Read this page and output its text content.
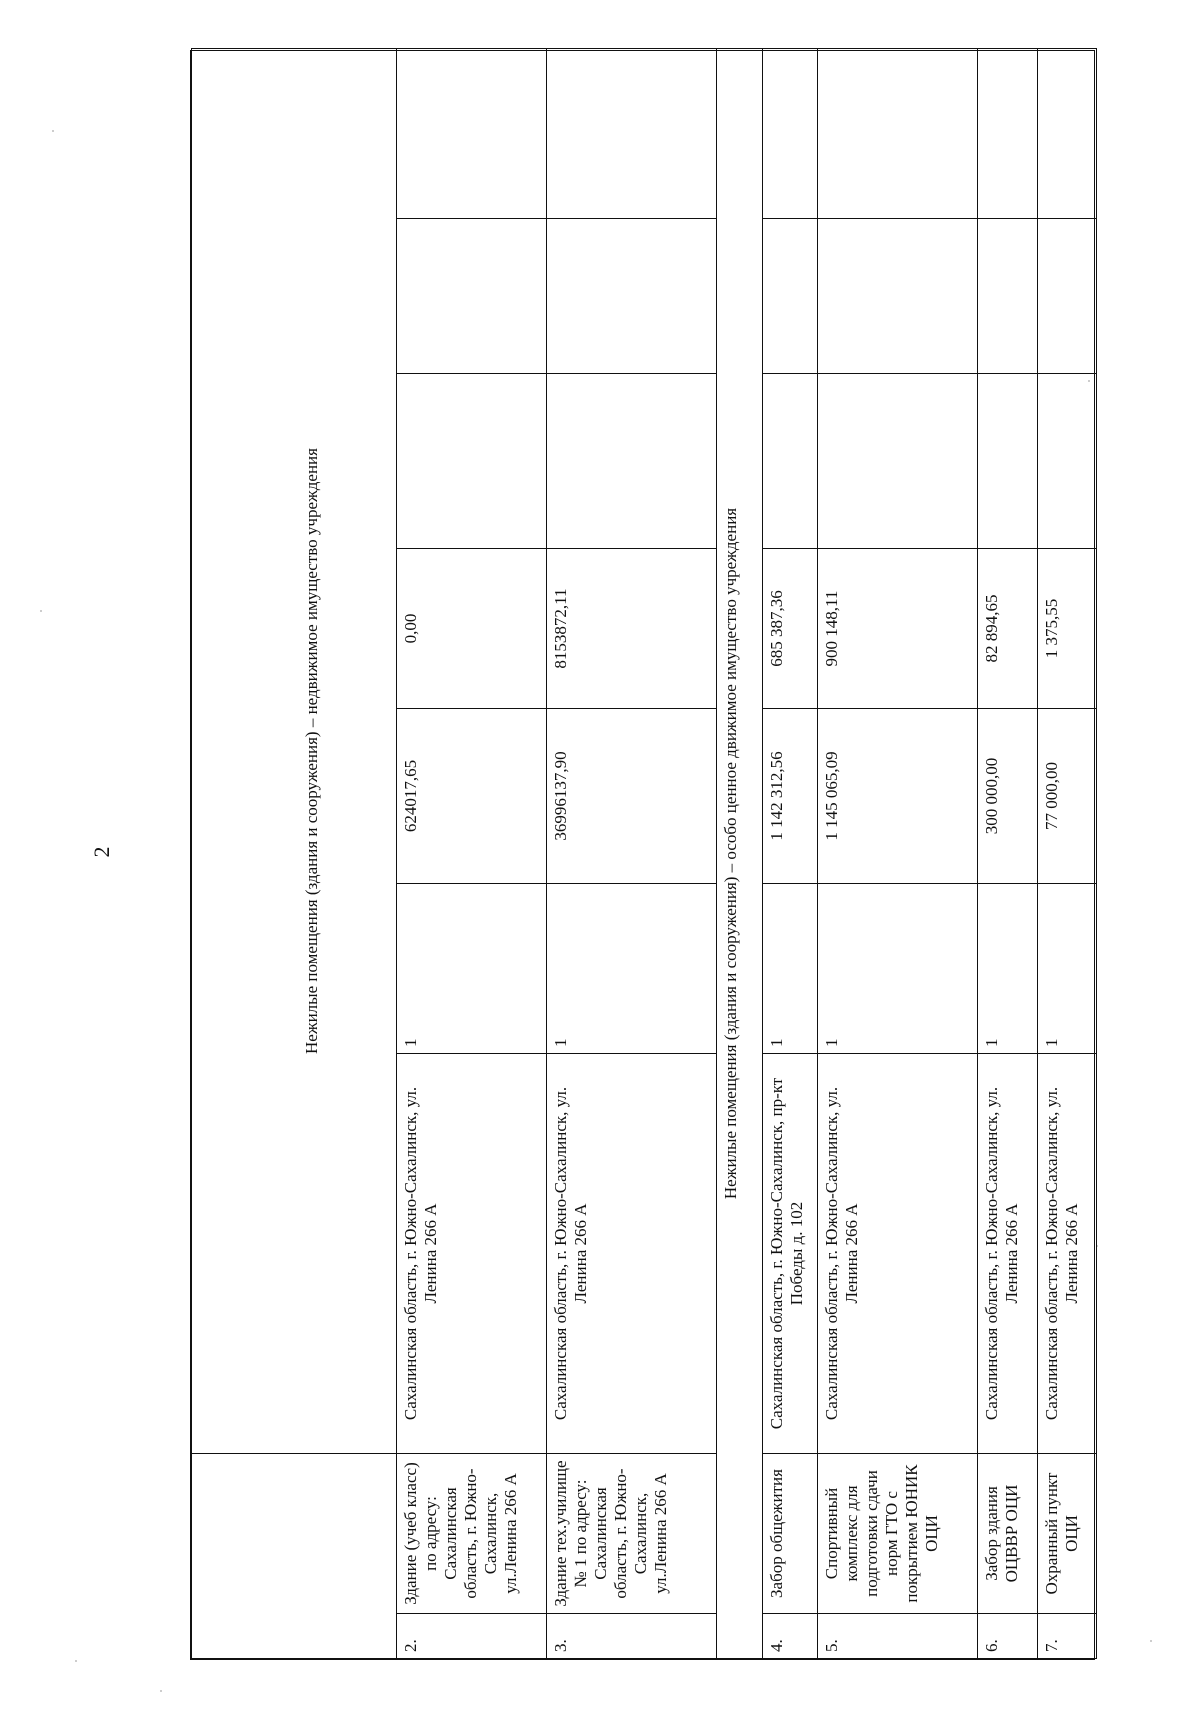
2
		Нежилые помещения (здания и сооружения) – недвижимое имущество учреждения						
2.	Здание (учеб класс) по адресу: Сахалинская область, г. Южно-Сахалинск, ул.Ленина 266 А	Сахалинская область, г. Южно-Сахалинск, ул. Ленина 266 А	1	624017,65	0,00			
3.	Здание тех.училище № 1 по адресу: Сахалинская область, г. Южно-Сахалинск, ул.Ленина 266 А	Сахалинская область, г. Южно-Сахалинск, ул. Ленина 266 А	1	36996137,90	8153872,11			
Нежилые помещения (здания и сооружения) – особо ценное движимое имущество учреждения								
4.	Забор общежития	Сахалинская область, г. Южно-Сахалинск, пр-кт Победы д. 102	1	1 142 312,56	685 387,36			
5.	Спортивный комплекс для подготовки сдачи норм ГТО с покрытием ЮНИК ОЦИ	Сахалинская область, г. Южно-Сахалинск, ул. Ленина 266 А	1	1 145 065,09	900 148,11			
6.	Забор здания ОЦВВР ОЦИ	Сахалинская область, г. Южно-Сахалинск, ул. Ленина 266 А	1	300 000,00	82 894,65			
7.	Охранный пункт ОЦИ	Сахалинская область, г. Южно-Сахалинск, ул. Ленина 266 А	1	77 000,00	1 375,55			
